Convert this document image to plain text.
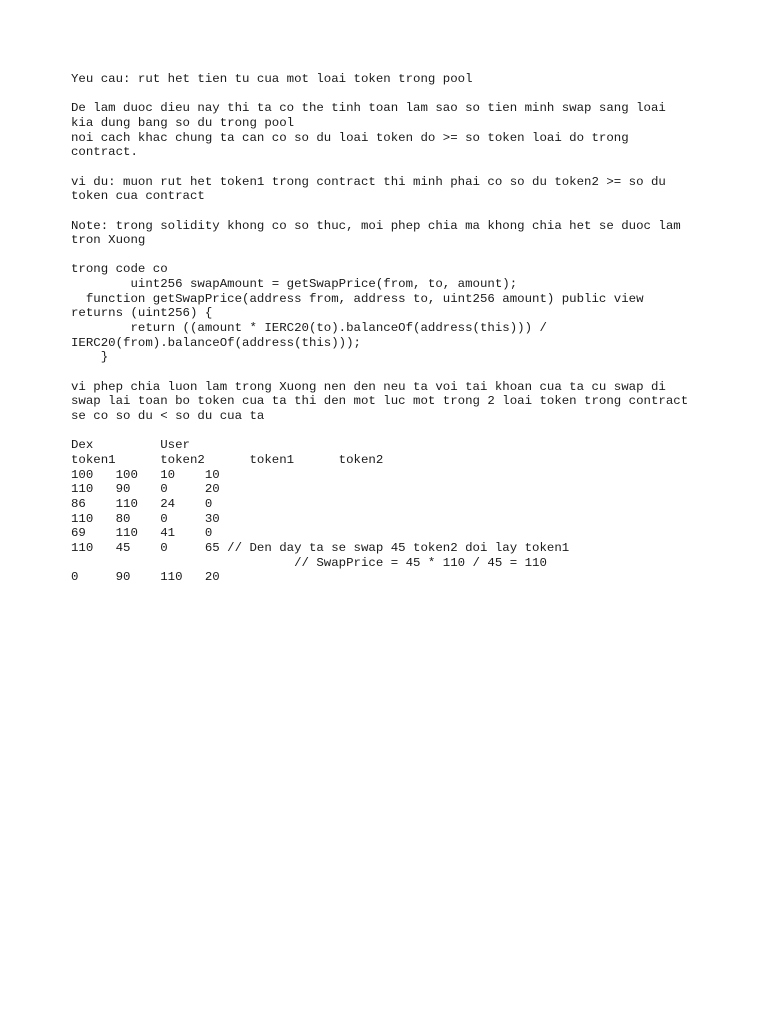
Yeu cau: rut het tien tu cua mot loai token trong pool
De lam duoc dieu nay thi ta co the tinh toan lam sao so tien minh swap sang loai
kia dung bang so du trong pool
noi cach khac chung ta can co so du loai token do >= so token loai do trong
contract.
vi du: muon rut het token1 trong contract thi minh phai co so du token2 >= so du
token cua contract
Note: trong solidity khong co so thuc, moi phep chia ma khong chia het se duoc lam
tron Xuong
trong code co
uint256 swapAmount = getSwapPrice(from, to, amount);
function getSwapPrice(address from, address to, uint256 amount) public view
returns (uint256) {
return ((amount * IERC20(to).balanceOf(address(this))) /
IERC20(from).balanceOf(address(this)));
}
vi phep chia luon lam trong Xuong nen den neu ta voi tai khoan cua ta cu swap di
swap lai toan bo token cua ta thi den mot luc mot trong 2 loai token trong contract
se co so du < so du cua ta
Dex         User
token1      token2      token1      token2
100   100   10    10
110   90    0     20
86    110   24    0
110   80    0     30
69    110   41    0
110   45    0     65 // Den day ta se swap 45 token2 doi lay token1
// SwapPrice = 45 * 110 / 45 = 110
0     90    110   20
